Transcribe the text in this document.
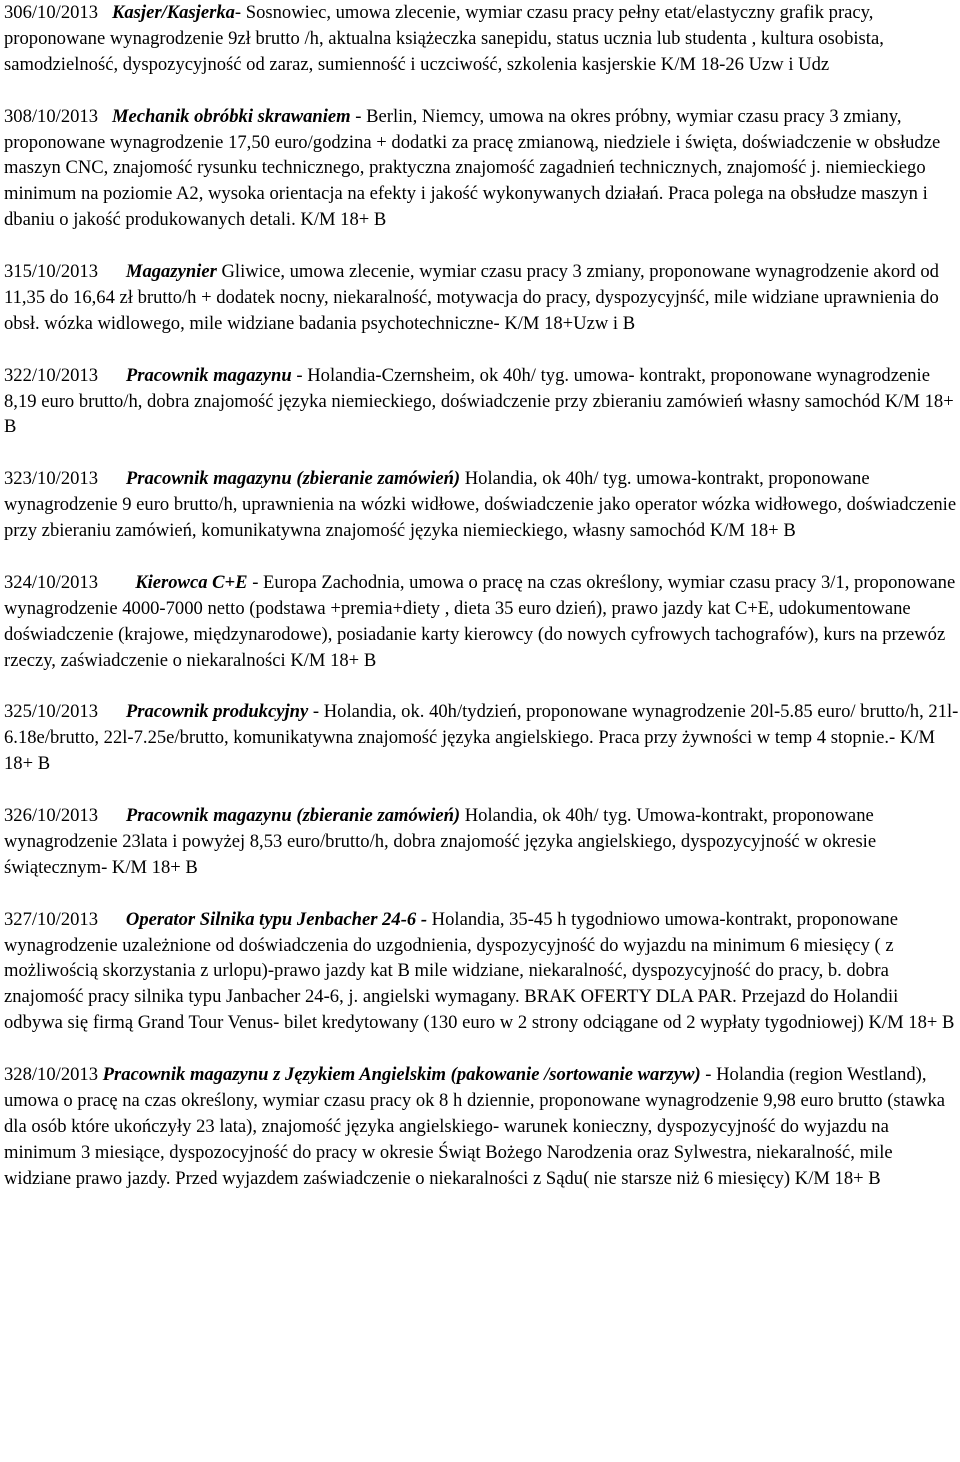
306/10/2013 Kasjer/Kasjerka- Sosnowiec, umowa zlecenie, wymiar czasu pracy pełny etat/elastyczny grafik pracy, proponowane wynagrodzenie 9zł brutto /h, aktualna książeczka sanepidu, status ucznia lub studenta , kultura osobista, samodzielność, dyspozycyjność od zaraz, sumienność i uczciwość, szkolenia kasjerskie K/M 18-26 Uzw i Udz

308/10/2013 Mechanik obróbki skrawaniem - Berlin, Niemcy, umowa na okres próbny, wymiar czasu pracy 3 zmiany, proponowane wynagrodzenie 17,50 euro/godzina + dodatki za pracę zmianową, niedziele i święta, doświadczenie w obsłudze maszyn CNC, znajomość rysunku technicznego, praktyczna znajomość zagadnień technicznych, znajomość j. niemieckiego minimum na poziomie A2, wysoka orientacja na efekty i jakość wykonywanych działań. Praca polega na obsłudze maszyn i dbaniu o jakość produkowanych detali. K/M 18+ B

315/10/2013 Magazynier Gliwice, umowa zlecenie, wymiar czasu pracy 3 zmiany, proponowane wynagrodzenie akord od 11,35 do 16,64 zł brutto/h + dodatek nocny, niekaralność, motywacja do pracy, dyspozycyjnść, mile widziane uprawnienia do obsł. wózka widlowego, mile widziane badania psychotechniczne- K/M 18+Uzw i B

322/10/2013 Pracownik magazynu - Holandia-Czernsheim, ok 40h/ tyg. umowa- kontrakt, proponowane wynagrodzenie 8,19 euro brutto/h, dobra znajomość języka niemieckiego, doświadczenie przy zbieraniu zamówień własny samochód K/M 18+ B

323/10/2013 Pracownik magazynu (zbieranie zamówień) Holandia, ok 40h/ tyg. umowa-kontrakt, proponowane wynagrodzenie 9 euro brutto/h, uprawnienia na wózki widłowe, doświadczenie jako operator wózka widłowego, doświadczenie przy zbieraniu zamówień, komunikatywna znajomość języka niemieckiego, własny samochód K/M 18+ B

324/10/2013 Kierowca C+E - Europa Zachodnia, umowa o pracę na czas określony, wymiar czasu pracy 3/1, proponowane wynagrodzenie 4000-7000 netto (podstawa +premia+diety , dieta 35 euro dzień), prawo jazdy kat C+E, udokumentowane doświadczenie (krajowe, międzynarodowe), posiadanie karty kierowcy (do nowych cyfrowych tachografów), kurs na przewóz rzeczy, zaświadczenie o niekaralności K/M 18+ B

325/10/2013 Pracownik produkcyjny - Holandia, ok. 40h/tydzień, proponowane wynagrodzenie 20l-5.85 euro/ brutto/h, 21l-6.18e/brutto, 22l-7.25e/brutto, komunikatywna znajomość języka angielskiego. Praca przy żywności w temp 4 stopnie.- K/M 18+ B

326/10/2013 Pracownik magazynu (zbieranie zamówień) Holandia, ok 40h/ tyg. Umowa-kontrakt, proponowane wynagrodzenie 23lata i powyżej 8,53 euro/brutto/h, dobra znajomość języka angielskiego, dyspozycyjność w okresie świątecznym- K/M 18+ B

327/10/2013 Operator Silnika typu Jenbacher 24-6 - Holandia, 35-45 h tygodniowo umowa-kontrakt, proponowane wynagrodzenie uzależnione od doświadczenia do uzgodnienia, dyspozycyjność do wyjazdu na minimum 6 miesięcy ( z możliwością skorzystania z urlopu)-prawo jazdy kat B mile widziane, niekaralność, dyspozycyjność do pracy, b. dobra znajomość pracy silnika typu Janbacher 24-6, j. angielski wymagany. BRAK OFERTY DLA PAR. Przejazd do Holandii odbywa się firmą Grand Tour Venus- bilet kredytowany (130 euro w 2 strony odciągane od 2 wypłaty tygodniowej) K/M 18+ B

328/10/2013 Pracownik magazynu z Językiem Angielskim (pakowanie /sortowanie warzyw) - Holandia (region Westland), umowa o pracę na czas określony, wymiar czasu pracy ok 8 h dziennie, proponowane wynagrodzenie 9,98 euro brutto (stawka dla osób które ukończyły 23 lata), znajomość języka angielskiego- warunek konieczny, dyspozycyjność do wyjazdu na minimum 3 miesiące, dyspozocyjność do pracy w okresie Świąt Bożego Narodzenia oraz Sylwestra, niekaralność, mile widziane prawo jazdy. Przed wyjazdem zaświadczenie o niekaralności z Sądu( nie starsze niż 6 miesięcy) K/M 18+ B
